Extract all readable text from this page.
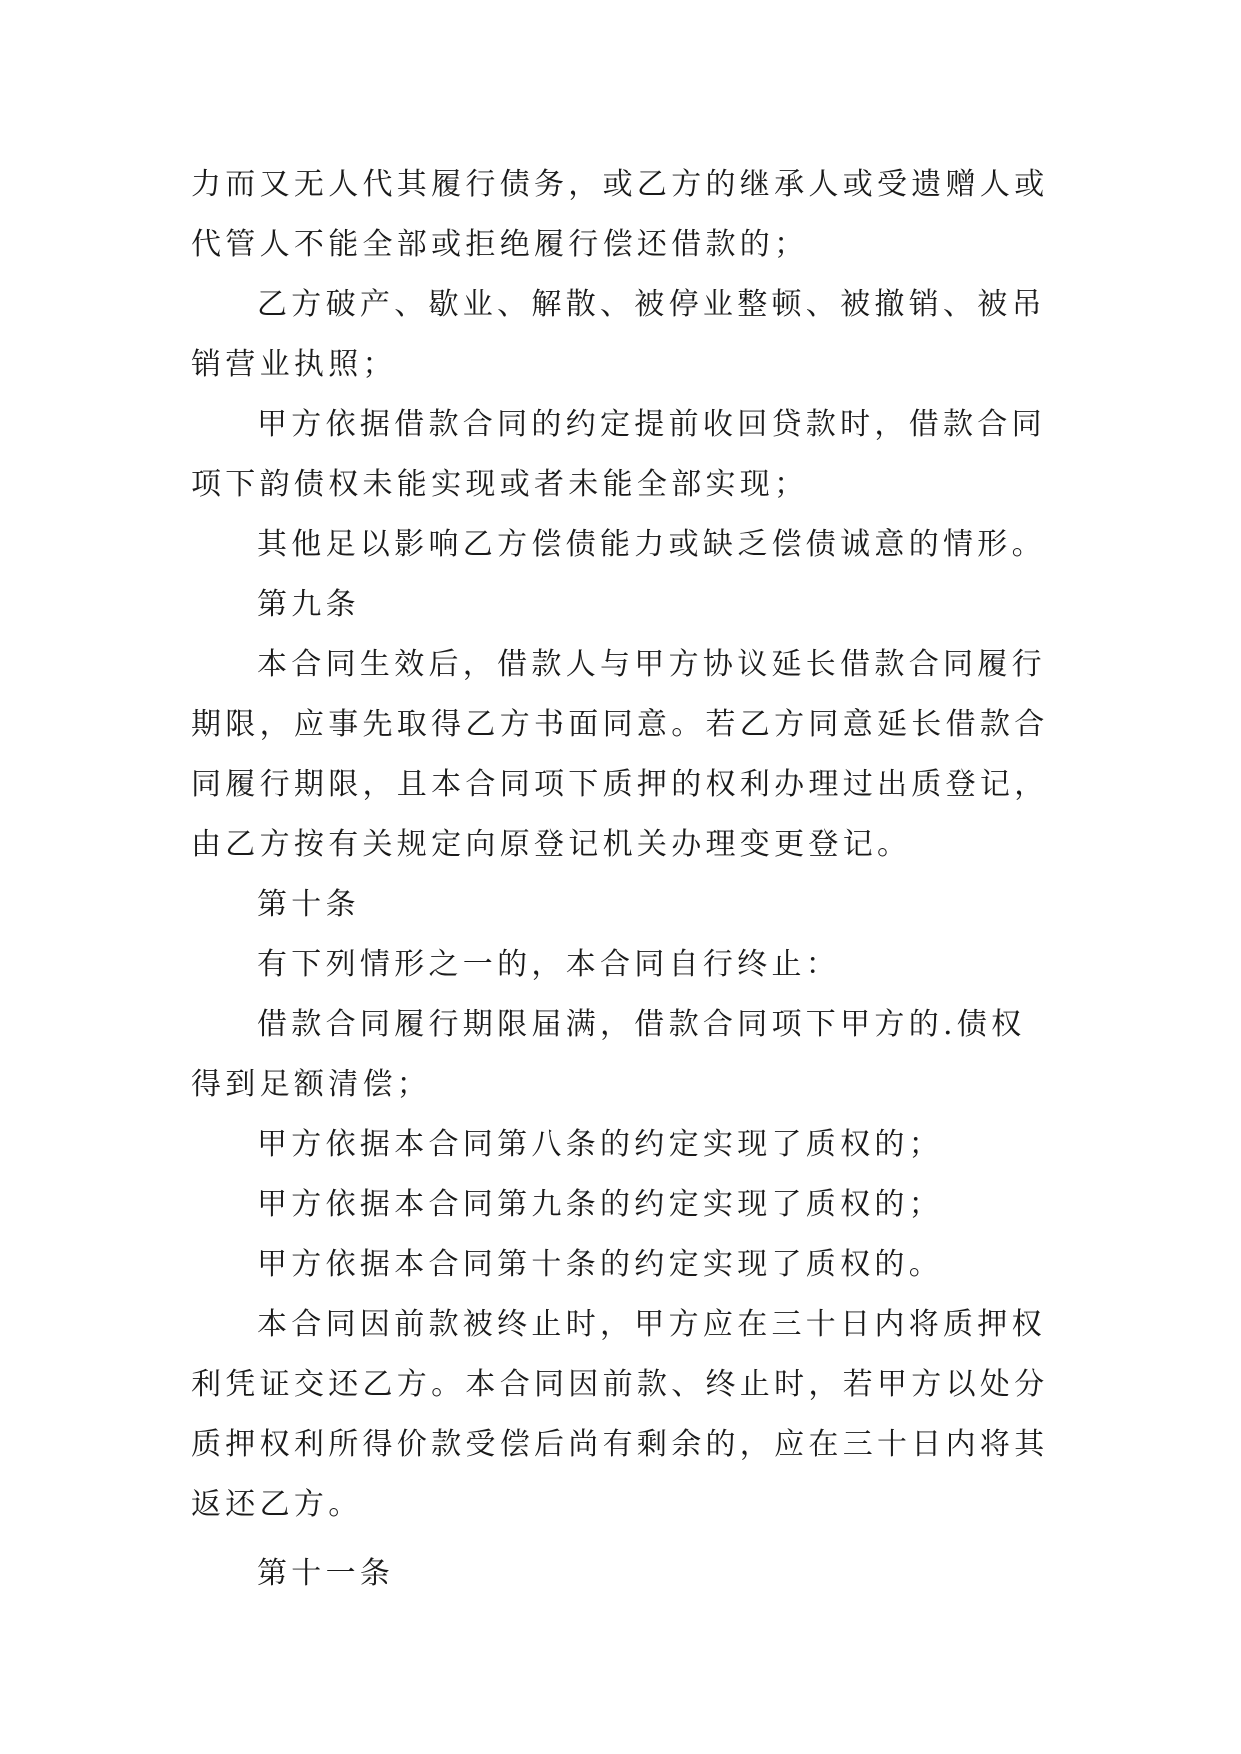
力而又无人代其履行债务，或乙方的继承人或受遗赠人或代管人不能全部或拒绝履行偿还借款的；

乙方破产、歇业、解散、被停业整顿、被撤销、被吊销营业执照；

甲方依据借款合同的约定提前收回贷款时，借款合同项下韵债权未能实现或者未能全部实现；

其他足以影响乙方偿债能力或缺乏偿债诚意的情形。

第九条

本合同生效后，借款人与甲方协议延长借款合同履行期限，应事先取得乙方书面同意。若乙方同意延长借款合同履行期限，且本合同项下质押的权利办理过出质登记，由乙方按有关规定向原登记机关办理变更登记。

第十条

有下列情形之一的，本合同自行终止：

借款合同履行期限届满，借款合同项下甲方的.债权得到足额清偿；

甲方依据本合同第八条的约定实现了质权的；

甲方依据本合同第九条的约定实现了质权的；

甲方依据本合同第十条的约定实现了质权的。

本合同因前款被终止时，甲方应在三十日内将质押权利凭证交还乙方。本合同因前款、终止时，若甲方以处分质押权利所得价款受偿后尚有剩余的，应在三十日内将其返还乙方。

第十一条
